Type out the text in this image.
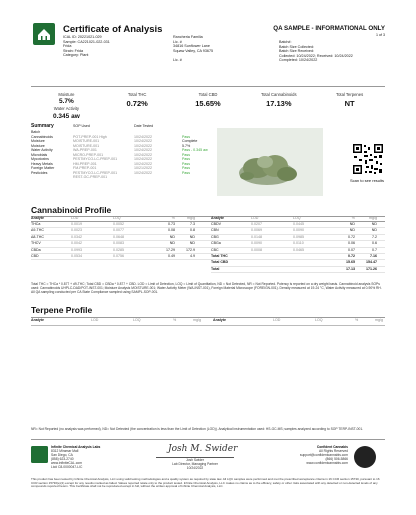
Certificate of Analysis
ICAL ID: 20221021-029
Sample: CA221021-022-031
Frida
Strain: Frida
Category: Plant
Rancheria Familia
Lic. #
34816 Sunflower Lane
Squaw Valley, CA 93675
Lic. #
QA SAMPLE - INFORMATIONAL ONLY
1 of 3
Batch#:
Batch Size Collected:
Batch Size Received:
Collected: 10/24/2022; Received: 10/24/2022
Completed: 10/24/2022
Moisture
5.7%
Water Activity
0.345 aw
Total THC
0.72%
Total CBD
15.65%
Total Cannabinoids
17.13%
Total Terpenes
NT
Summary	SOP Used	Date Tested
Batch
Cannabinoids	POT-PREP-001 High	10/24/2022	Pass
Moisture	MOISTURE-001	10/24/2022	Complete
Moisture	MOISTURE-001	10/24/2022	5.7%
Water Activity	WA-PREP-001	10/24/2022	Pass - 0.345 aw
Microbials	MICRO-PREP-001	10/24/2022	Pass
Mycotoxins	PESTMYCO-LC-PREP-001	10/24/2022	Pass
Heavy Metals	HM-PREP-001	10/24/2022	Pass
Foreign Matter	FM-PREP-001	10/21/2022	Pass
Pesticides	PESTMYCO-LC-PREP-001	10/24/2022	Pass
REST-GC-PREP-001
Scan to see results
Cannabinoid Profile
Analyte	LOD	LOQ	%	mg/g
THCa	0.0019	0.0052	0.73	7.3
Δ9-THC	0.0023	0.0077	0.08	0.8
Δ8-THC	0.0342	0.0648	ND	ND
THCV	0.0042	0.0083	ND	ND
CBDa	0.0993	0.0285	17.29	172.9
CBD	0.0534	0.0756	0.49	4.9
Analyte	LOD	LOQ	%	mg/g
CBDV	0.0207	0.0445	ND	ND
CBN	0.0069	0.0090	ND	ND
CBG	0.0148	0.0985	0.72	7.2
CBGa	0.0090	0.0110	0.06	0.6
CBC	0.0008	0.0465	0.07	0.7
Total THC	0.72	7.16
Total CBD	15.65	154.47
Total	17.13	171.26
Total THC = THCa * 0.877 + d9-THC; Total CBD = CBDa * 0.877 + CBD. LOD = Limit of Detection, LOQ = Limit of Quantitation, ND = Not Detected, NR = Not Reported. Potency is reported on a dry weight basis. Cannabinoid analysis SOPs used: Cannabinoids UHPLC-DAD/POT-INST-001; Moisture Analysis MOISTURE-001; Water Activity Meter (WA-INST-001), Foreign Material Microscope (FOREIGN-001). Density measured at 19-24 °C, Water Activity measured at 0-90% RH. All QA sampling conducted per CA State Compliance sampled using SAMPL-SOP-001.
Terpene Profile
Analyte	LOD	LOQ	%	mg/g	Analyte	LOD	LOQ	%	mg/g
NR= Not Reported (no analysis was performed), ND= Not Detected (the concentration is less than the Limit of Detection (LOD)). Analytical instrumentation used: HS-GC-MS; samples analyzed according to SOP TERP-INST-001.
Infinite Chemical Analysis Labs
8312 Miramar Mall
San Diego, CA
(858) 623-2740
www.infiniteCAL.com
Lic# C8-0000047-LIC
Josh M. Swider
Josh Swider
Lab Director, Managing Partner
10/24/2022
Confident Cannabis
All Rights Reserved
support@confidentcannabis.com
(866) 506-5866
www.confidentcannabis.com
This product has been tested by Infinite Chemical Analysis, LLC using valid testing methodologies and a quality system as required by state law. All LQC samples were performed and met the prescribed acceptance criteria in 16 CCR section 15730, pursuant to 16 CCR section 15730(e)(1) except for any results marked as failed. Values reported relate only to the product tested. Infinite Chemical Analysis, LLC makes no claims as to the efficacy, safety or other risks associated with any detected or non-detected levels of any compounds reported herein. This Certificate shall not be reproduced except in full, without the written approval of Infinite Chemical Analysis, LLC.
